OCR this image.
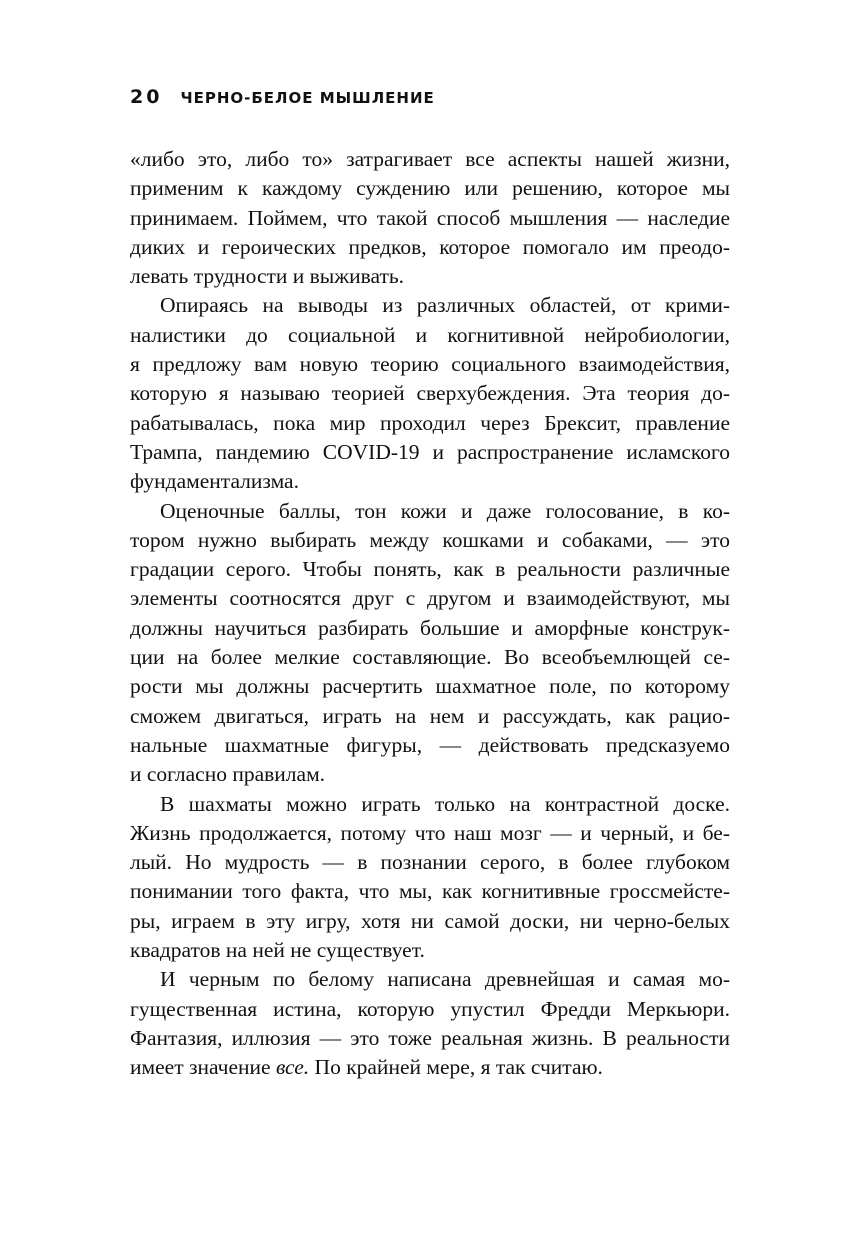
20 ЧЕРНО-БЕЛОЕ МЫШЛЕНИЕ
«либо это, либо то» затрагивает все аспекты нашей жизни,
применим к каждому суждению или решению, которое мы
принимаем. Поймем, что такой способ мышления — наследие
диких и героических предков, которое помогало им преодо-
левать трудности и выживать.
Опираясь на выводы из различных областей, от крими-
налистики до социальной и когнитивной нейробиологии,
я предложу вам новую теорию социального взаимодействия,
которую я называю теорией сверхубеждения. Эта теория до-
рабатывалась, пока мир проходил через Брексит, правление
Трампа, пандемию COVID-19 и распространение исламского
фундаментализма.
Оценочные баллы, тон кожи и даже голосование, в ко-
тором нужно выбирать между кошками и собаками, — это
градации серого. Чтобы понять, как в реальности различные
элементы соотносятся друг с другом и взаимодействуют, мы
должны научиться разбирать большие и аморфные конструк-
ции на более мелкие составляющие. Во всеобъемлющей се-
рости мы должны расчертить шахматное поле, по которому
сможем двигаться, играть на нем и рассуждать, как рацио-
нальные шахматные фигуры, — действовать предсказуемо
и согласно правилам.
В шахматы можно играть только на контрастной доске.
Жизнь продолжается, потому что наш мозг — и черный, и бе-
лый. Но мудрость — в познании серого, в более глубоком
понимании того факта, что мы, как когнитивные гроссмейсте-
ры, играем в эту игру, хотя ни самой доски, ни черно-белых
квадратов на ней не существует.
И черным по белому написана древнейшая и самая мо-
гущественная истина, которую упустил Фредди Меркьюри.
Фантазия, иллюзия — это тоже реальная жизнь. В реальности
имеет значение все. По крайней мере, я так считаю.
